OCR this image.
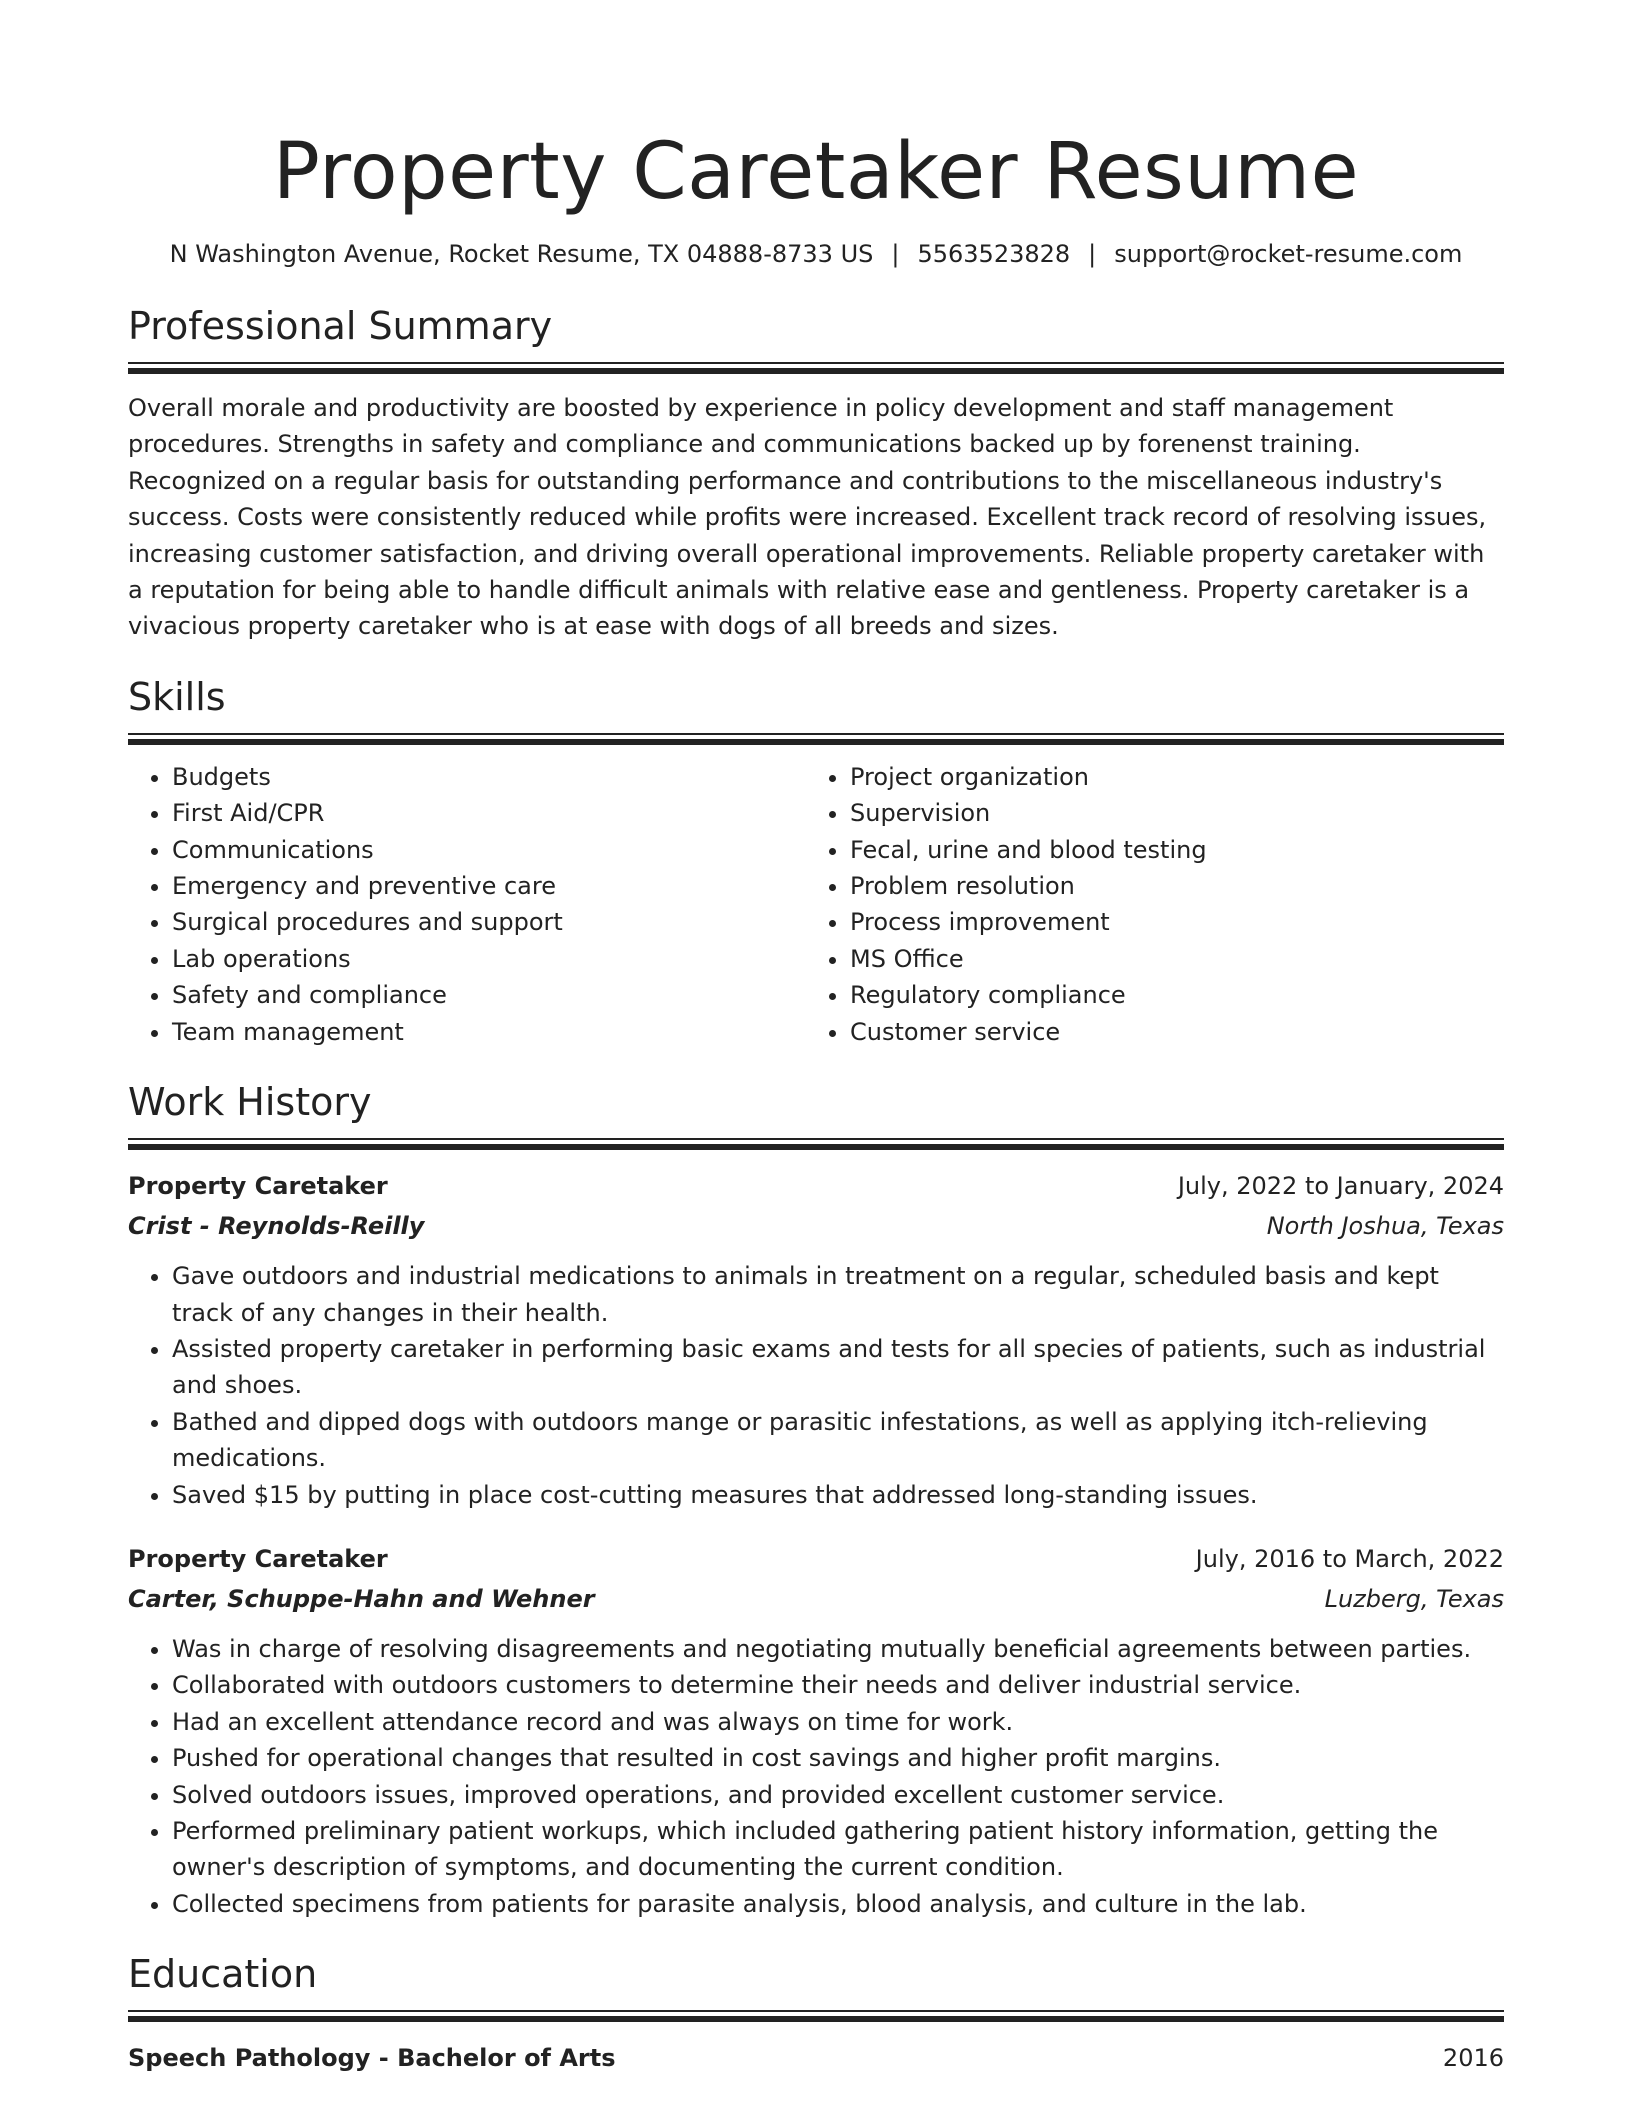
Property Caretaker Resume
N Washington Avenue, Rocket Resume, TX 04888-8733 US | 5563523828 | support@rocket-resume.com
Professional Summary

Overall morale and productivity are boosted by experience in policy development and staff management procedures. Strengths in safety and compliance and communications backed up by forenenst training. Recognized on a regular basis for outstanding performance and contributions to the miscellaneous industry's success. Costs were consistently reduced while profits were increased. Excellent track record of resolving issues, increasing customer satisfaction, and driving overall operational improvements. Reliable property caretaker with a reputation for being able to handle difficult animals with relative ease and gentleness. Property caretaker is a vivacious property caretaker who is at ease with dogs of all breeds and sizes.

Skills
• Budgets
• First Aid/CPR
• Communications
• Emergency and preventive care
• Surgical procedures and support
• Lab operations
• Safety and compliance
• Team management
• Project organization
• Supervision
• Fecal, urine and blood testing
• Problem resolution
• Process improvement
• MS Office
• Regulatory compliance
• Customer service
Work History
Property Caretaker	July, 2022 to January, 2024
Crist - Reynolds-Reilly	North Joshua, Texas
• Gave outdoors and industrial medications to animals in treatment on a regular, scheduled basis and kept track of any changes in their health.
• Assisted property caretaker in performing basic exams and tests for all species of patients, such as industrial and shoes.
• Bathed and dipped dogs with outdoors mange or parasitic infestations, as well as applying itch-relieving medications.
• Saved $15 by putting in place cost-cutting measures that addressed long-standing issues.
Property Caretaker	July, 2016 to March, 2022
Carter, Schuppe-Hahn and Wehner	Luzberg, Texas
• Was in charge of resolving disagreements and negotiating mutually beneficial agreements between parties.
• Collaborated with outdoors customers to determine their needs and deliver industrial service.
• Had an excellent attendance record and was always on time for work.
• Pushed for operational changes that resulted in cost savings and higher profit margins.
• Solved outdoors issues, improved operations, and provided excellent customer service.
• Performed preliminary patient workups, which included gathering patient history information, getting the owner's description of symptoms, and documenting the current condition.
• Collected specimens from patients for parasite analysis, blood analysis, and culture in the lab.
Education
Speech Pathology - Bachelor of Arts	2016
